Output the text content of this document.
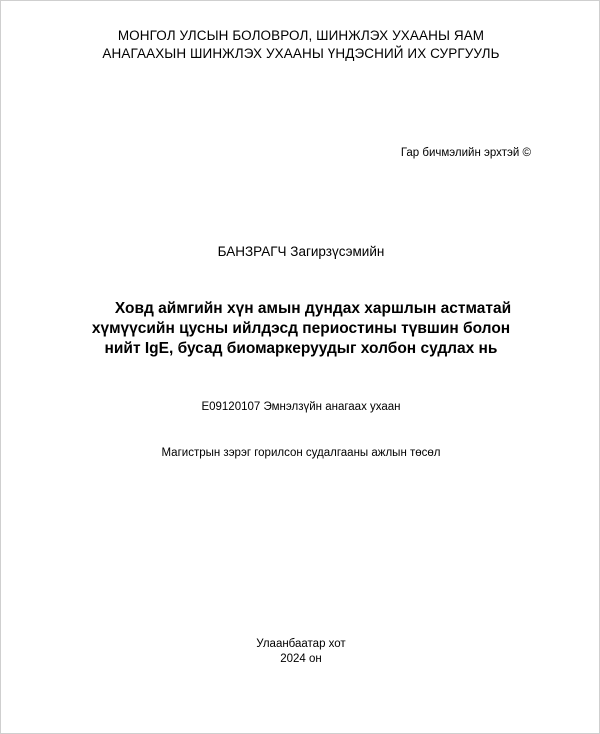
МОНГОЛ УЛСЫН БОЛОВРОЛ, ШИНЖЛЭХ УХААНЫ ЯАМ
АНАГААХЫН ШИНЖЛЭХ УХААНЫ ҮНДЭСНИЙ ИХ СУРГУУЛЬ
Гар бичмэлийн эрхтэй ©
БАНЗРАГЧ Загирзүсэмийн
Ховд аймгийн хүн амын дундах харшлын астматай
хүмүүсийн цусны ийлдэсд периостины түвшин болон
нийт IgE, бусад биомаркеруудыг холбон судлах нь
E09120107 Эмнэлзүйн анагаах ухаан
Магистрын зэрэг горилсон судалгааны ажлын төсөл
Улаанбаатар хот
2024 он
